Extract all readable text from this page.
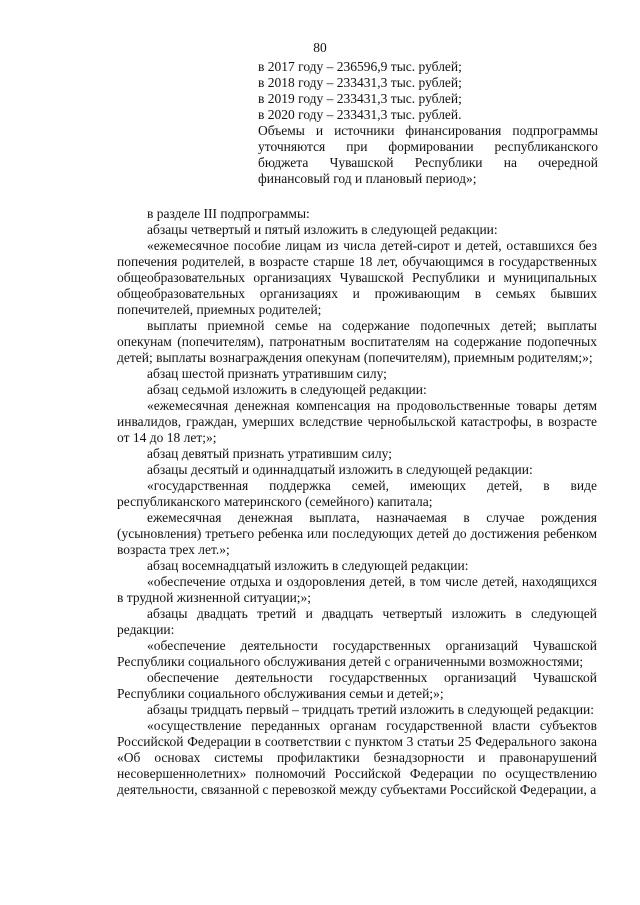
80
в 2017 году – 236596,9 тыс. рублей;
в 2018 году – 233431,3 тыс. рублей;
в 2019 году – 233431,3 тыс. рублей;
в 2020 году – 233431,3 тыс. рублей.
Объемы и источники финансирования подпрограммы уточняются при формировании республиканского бюджета Чувашской Республики на очередной финансовый год и плановый период»;

в разделе III подпрограммы:

абзацы четвертый и пятый изложить в следующей редакции:

«ежемесячное пособие лицам из числа детей-сирот и детей, оставшихся без попечения родителей, в возрасте старше 18 лет, обучающимся в государственных общеобразовательных организациях Чувашской Республики и муниципальных общеобразовательных организациях и проживающим в семьях бывших попечителей, приемных родителей;

выплаты приемной семье на содержание подопечных детей; выплаты опекунам (попечителям), патронатным воспитателям на содержание подопечных детей; выплаты вознаграждения опекунам (попечителям), приемным родителям;»;

абзац шестой признать утратившим силу;

абзац седьмой изложить в следующей редакции:

«ежемесячная денежная компенсация на продовольственные товары детям инвалидов, граждан, умерших вследствие чернобыльской катастрофы, в возрасте от 14 до 18 лет;»;

абзац девятый признать утратившим силу;

абзацы десятый и одиннадцатый изложить в следующей редакции:

«государственная поддержка семей, имеющих детей, в виде республиканского материнского (семейного) капитала;

ежемесячная денежная выплата, назначаемая в случае рождения (усыновления) третьего ребенка или последующих детей до достижения ребенком возраста трех лет.»;

абзац восемнадцатый изложить в следующей редакции:

«обеспечение отдыха и оздоровления детей, в том числе детей, находящихся в трудной жизненной ситуации;»;

абзацы двадцать третий и двадцать четвертый изложить в следующей редакции:

«обеспечение деятельности государственных организаций Чувашской Республики социального обслуживания детей с ограниченными возможностями;

обеспечение деятельности государственных организаций Чувашской Республики социального обслуживания семьи и детей;»;

абзацы тридцать первый – тридцать третий изложить в следующей редакции:

«осуществление переданных органам государственной власти субъектов Российской Федерации в соответствии с пунктом 3 статьи 25 Федерального закона «Об основах системы профилактики безнадзорности и правонарушений несовершеннолетних» полномочий Российской Федерации по осуществлению деятельности, связанной с перевозкой между субъектами Российской Федерации, а
